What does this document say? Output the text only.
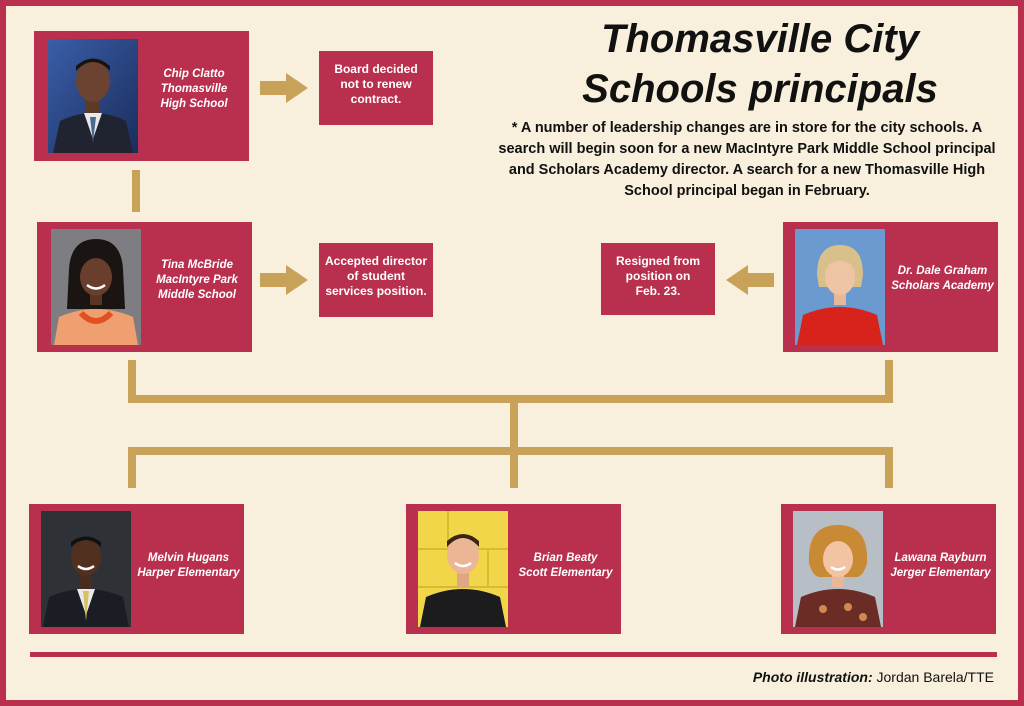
Thomasville City
Schools principals
* A number of leadership changes are in store for the city schools. A search will begin soon for a new MacIntyre Park Middle School principal and Scholars Academy director. A search for a new Thomasville High School principal began in February.
Chip Clatto
Thomasville
High School
Board decided
not to renew
contract.
Tina McBride
MacIntyre Park
Middle School
Accepted director
of student
services position.
Dr. Dale Graham
Scholars Academy
Resigned from
position on
Feb. 23.
Melvin Hugans
Harper Elementary
Brian Beaty
Scott Elementary
Lawana Rayburn
Jerger Elementary
Photo illustration: Jordan Barela/TTE
